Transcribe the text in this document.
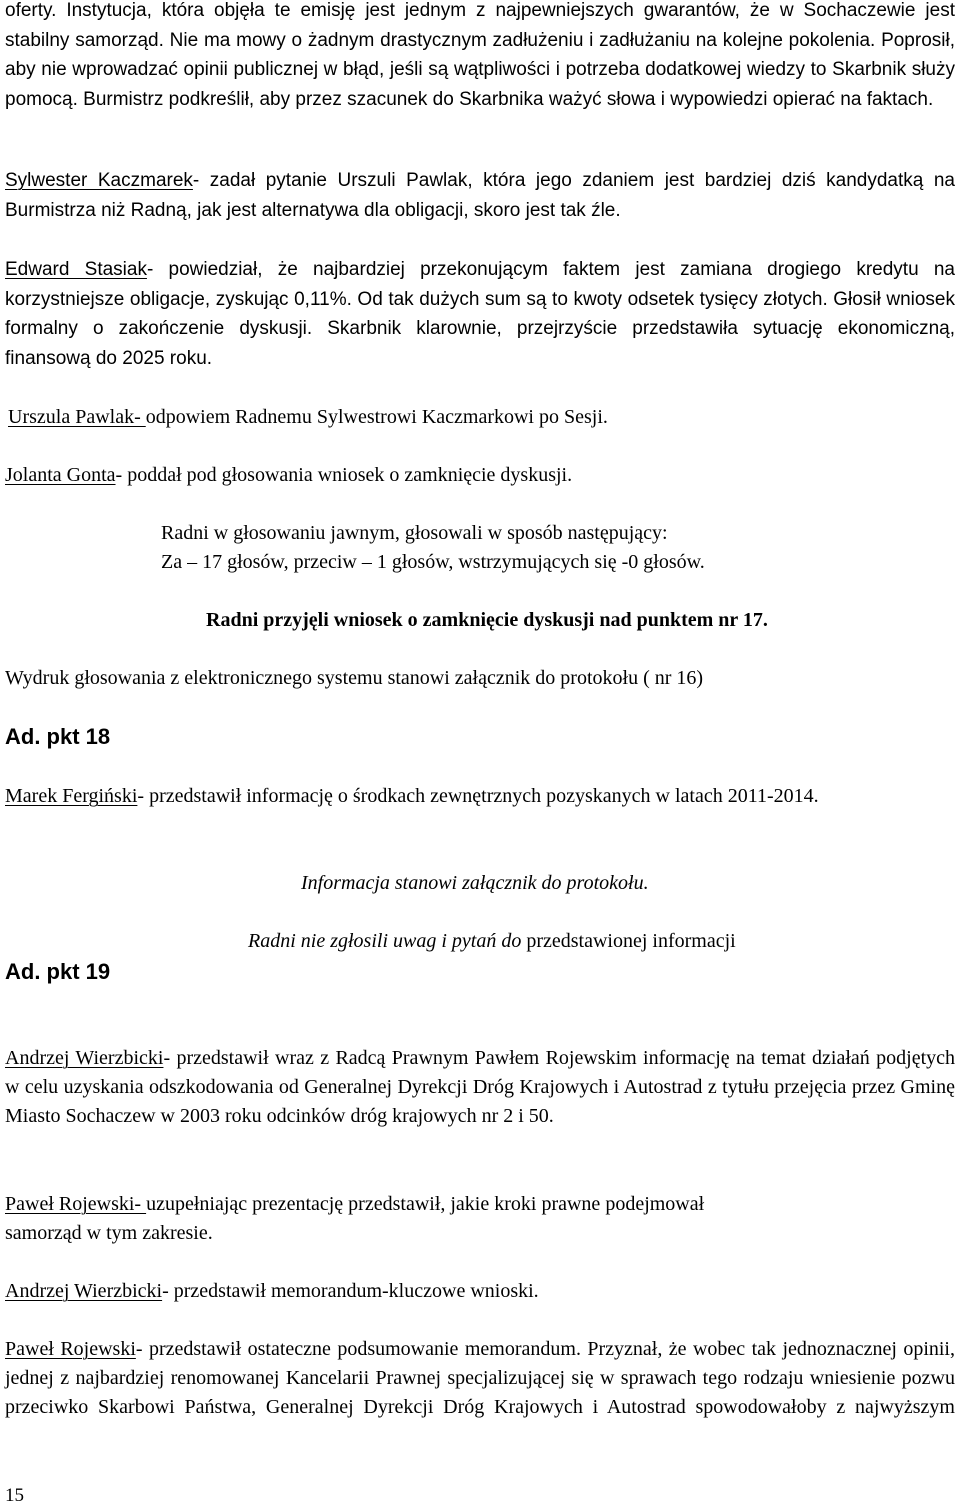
oferty. Instytucja, która objęła te emisję jest jednym z najpewniejszych gwarantów, że w Sochaczewie jest stabilny samorząd. Nie ma mowy o żadnym drastycznym zadłużeniu i zadłużaniu na kolejne pokolenia. Poprosił, aby nie wprowadzać opinii publicznej w błąd, jeśli są wątpliwości i potrzeba dodatkowej wiedzy to Skarbnik służy pomocą. Burmistrz podkreślił, aby przez szacunek do Skarbnika ważyć słowa i wypowiedzi opierać na faktach.

Sylwester Kaczmarek- zadał pytanie Urszuli Pawlak, która jego zdaniem jest bardziej dziś kandydatką na Burmistrza niż Radną, jak jest alternatywa dla obligacji, skoro jest tak źle.

Edward Stasiak- powiedział, że najbardziej przekonującym faktem jest zamiana drogiego kredytu na korzystniejsze obligacje, zyskując 0,11%. Od tak dużych sum są to kwoty odsetek tysięcy złotych. Głosił wniosek formalny o zakończenie dyskusji. Skarbnik klarownie, przejrzyście przedstawiła sytuację ekonomiczną, finansową do 2025 roku.

Urszula Pawlak- odpowiem Radnemu Sylwestrowi Kaczmarkowi po Sesji.

Jolanta Gonta- poddał pod głosowania wniosek o zamknięcie dyskusji.

Radni w głosowaniu jawnym, głosowali w sposób następujący:

Za – 17 głosów, przeciw – 1 głosów, wstrzymujących się -0 głosów.

Radni przyjęli wniosek o zamknięcie dyskusji nad punktem nr 17.

Wydruk głosowania z elektronicznego systemu stanowi załącznik do protokołu ( nr 16)

Ad. pkt 18

Marek Fergiński- przedstawił informację o środkach zewnętrznych pozyskanych w latach 2011-2014.

Informacja stanowi załącznik do protokołu.

Radni nie zgłosili uwag i pytań do przedstawionej informacji

Ad. pkt 19

Andrzej Wierzbicki- przedstawił wraz z Radcą Prawnym Pawłem Rojewskim informację na temat działań podjętych w celu uzyskania odszkodowania od Generalnej Dyrekcji Dróg Krajowych i Autostrad z tytułu przejęcia przez Gminę Miasto Sochaczew w 2003 roku odcinków dróg krajowych nr 2 i 50.

Paweł Rojewski- uzupełniając prezentację przedstawił, jakie kroki prawne podejmował

samorząd w tym zakresie.

Andrzej Wierzbicki- przedstawił memorandum-kluczowe wnioski.

Paweł Rojewski- przedstawił ostateczne podsumowanie memorandum. Przyznał, że wobec tak jednoznacznej opinii, jednej z najbardziej renomowanej Kancelarii Prawnej specjalizującej się w sprawach tego rodzaju wniesienie pozwu przeciwko Skarbowi Państwa, Generalnej Dyrekcji Dróg Krajowych i Autostrad spowodowałoby z najwyższym

15
